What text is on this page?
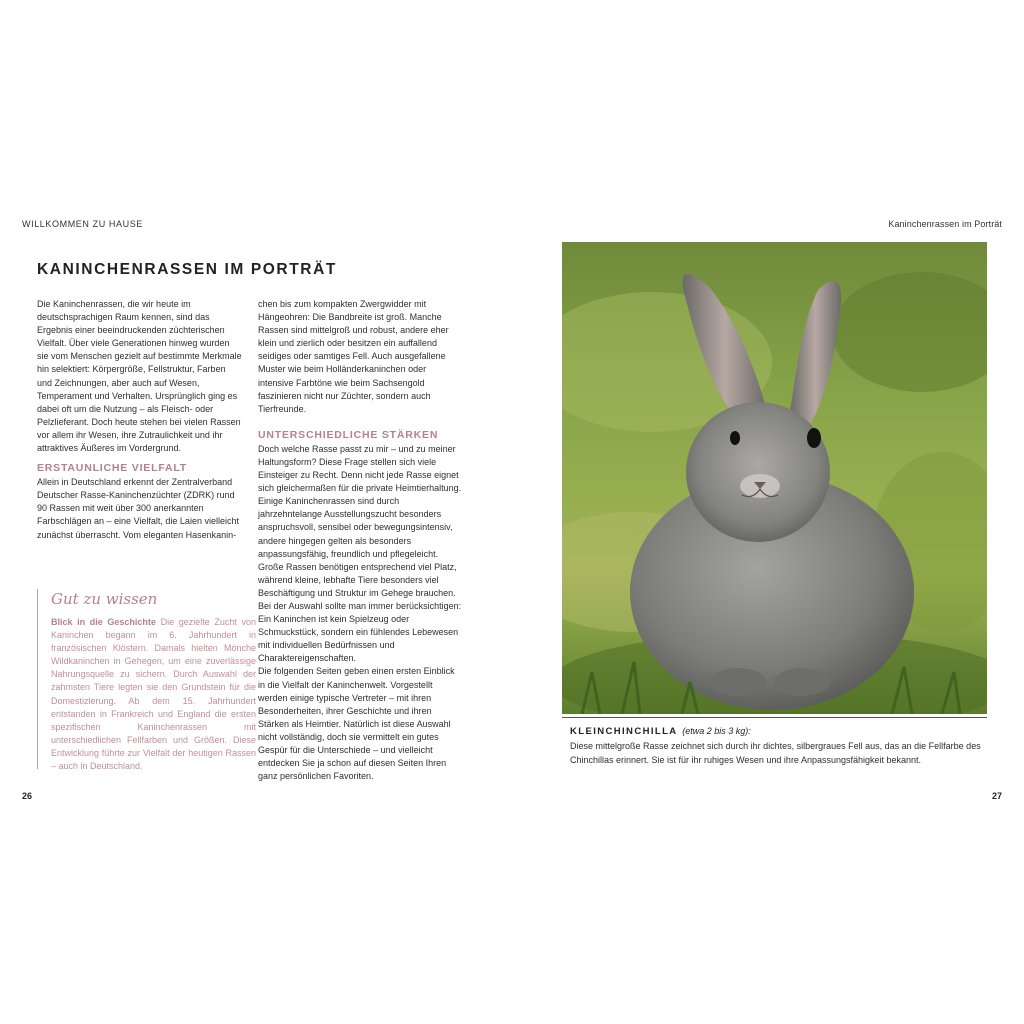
WILLKOMMEN ZU HAUSE	Kaninchenrassen im Porträt
KANINCHENRASSEN IM PORTRÄT

Die Kaninchenrassen, die wir heute im deutschsprachigen Raum kennen, sind das Ergebnis einer beeindruckenden züchterischen Vielfalt. Über viele Generationen hinweg wurden sie vom Menschen gezielt auf bestimmte Merkmale hin selektiert: Körpergröße, Fellstruktur, Farben und Zeichnungen, aber auch auf Wesen, Temperament und Verhalten. Ursprünglich ging es dabei oft um die Nutzung – als Fleisch- oder Pelzlieferant. Doch heute stehen bei vielen Rassen vor allem ihr Wesen, ihre Zutraulichkeit und ihr attraktives Äußeres im Vordergrund.

ERSTAUNLICHE VIELFALT

Allein in Deutschland erkennt der Zentralverband Deutscher Rasse-Kaninchenzüchter (ZDRK) rund 90 Rassen mit weit über 300 anerkannten Farbschlägen an – eine Vielfalt, die Laien vielleicht zunächst überrascht. Vom eleganten Hasenkanin-

Gut zu wissen
Blick in die Geschichte Die gezielte Zucht von Kaninchen begann im 6. Jahrhundert in französischen Klöstern. Damals hielten Mönche Wildkaninchen in Gehegen, um eine zuverlässige Nahrungsquelle zu sichern. Durch Auswahl der zahmsten Tiere legten sie den Grundstein für die Domestizierung. Ab dem 15. Jahrhundert entstanden in Frankreich und England die ersten spezifischen Kaninchenrassen mit unterschiedlichen Fellfarben und Größen. Diese Entwicklung führte zur Vielfalt der heutigen Rassen – auch in Deutschland.

chen bis zum kompakten Zwergwidder mit Hängeohren: Die Bandbreite ist groß. Manche Rassen sind mittelgroß und robust, andere eher klein und zierlich oder besitzen ein auffallend seidiges oder samtiges Fell. Auch ausgefallene Muster wie beim Holländerkaninchen oder intensive Farbtöne wie beim Sachsengold faszinieren nicht nur Züchter, sondern auch Tierfreunde.

UNTERSCHIEDLICHE STÄRKEN

Doch welche Rasse passt zu mir – und zu meiner Haltungsform? Diese Frage stellen sich viele Einsteiger zu Recht. Denn nicht jede Rasse eignet sich gleichermaßen für die private Heimtierhaltung. Einige Kaninchenrassen sind durch jahrzehntelange Ausstellungszucht besonders anspruchsvoll, sensibel oder bewegungsintensiv, andere hingegen gelten als besonders anpassungsfähig, freundlich und pflegeleicht. Große Rassen benötigen entsprechend viel Platz, während kleine, lebhafte Tiere besonders viel Beschäftigung und Struktur im Gehege brauchen. Bei der Auswahl sollte man immer berücksichtigen: Ein Kaninchen ist kein Spielzeug oder Schmuckstück, sondern ein fühlendes Lebewesen mit individuellen Bedürfnissen und Charaktereigenschaften.

Die folgenden Seiten geben einen ersten Einblick in die Vielfalt der Kaninchenwelt. Vorgestellt werden einige typische Vertreter – mit ihren Besonderheiten, ihrer Geschichte und ihren Stärken als Heimtier. Natürlich ist diese Auswahl nicht vollständig, doch sie vermittelt ein gutes Gespür für die Unterschiede – und vielleicht entdecken Sie ja schon auf diesen Seiten Ihren ganz persönlichen Favoriten.

KLEINCHINCHILLA (etwa 2 bis 3 kg):
Diese mittelgroße Rasse zeichnet sich durch ihr dichtes, silbergraues Fell aus, das an die Fellfarbe des Chinchillas erinnert. Sie ist für ihr ruhiges Wesen und ihre Anpassungsfähigkeit bekannt.
26	27
